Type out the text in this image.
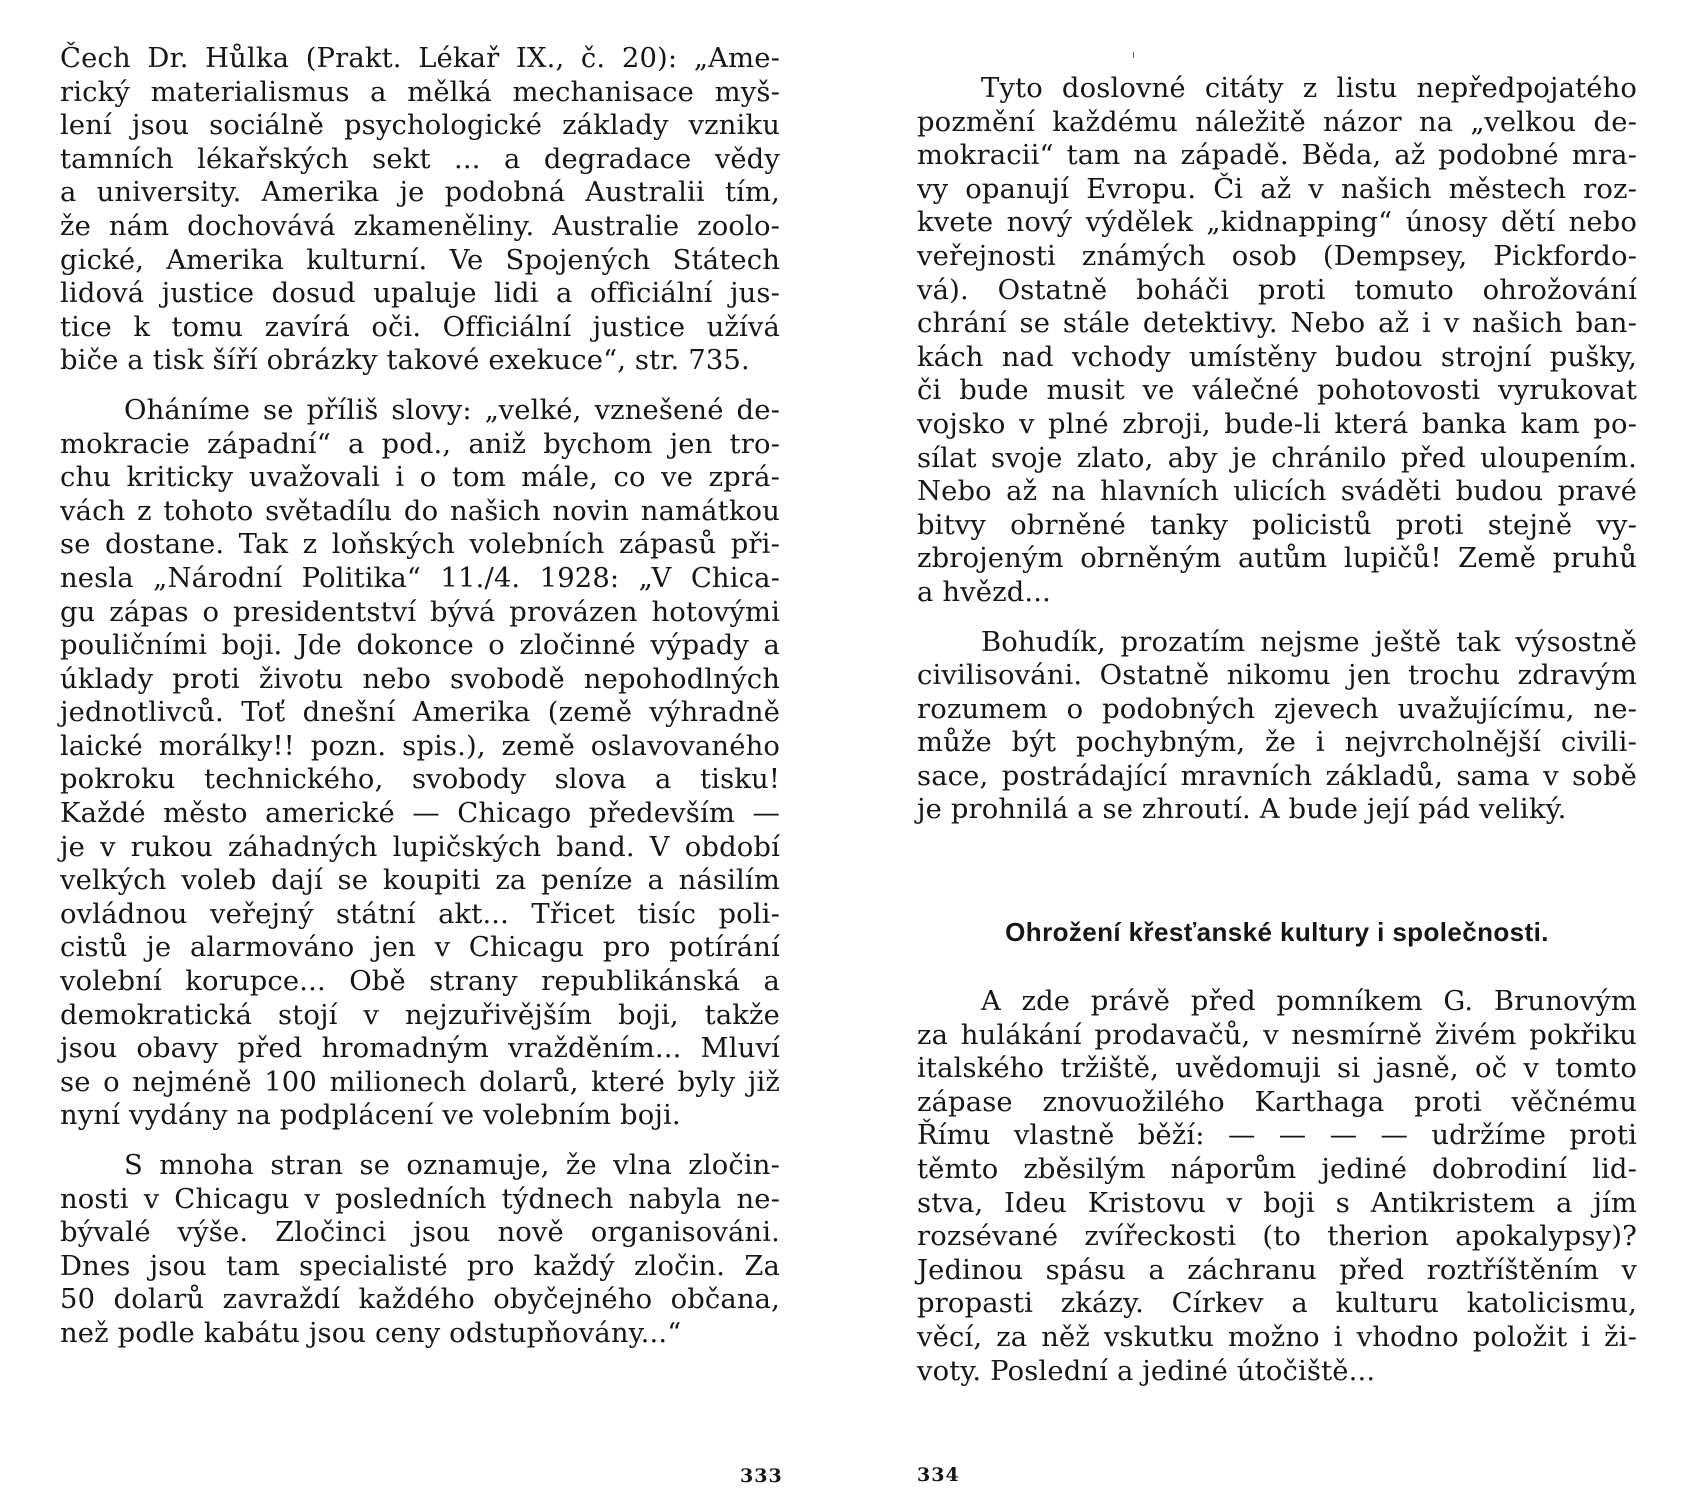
Čech Dr. Hůlka (Prakt. Lékař IX., č. 20): „Ame-
rický materialismus a mělká mechanisace myš-
lení jsou sociálně psychologické základy vzniku
tamních lékařských sekt ... a degradace vědy
a university. Amerika je podobná Australii tím,
že nám dochovává zkameněliny. Australie zoolo-
gické, Amerika kulturní. Ve Spojených Státech
lidová justice dosud upaluje lidi a officiální jus-
tice k tomu zavírá oči. Officiální justice užívá
biče a tisk šíří obrázky takové exekuce“, str. 735.
Oháníme se příliš slovy: „velké, vznešené de-
mokracie západní“ a pod., aniž bychom jen tro-
chu kriticky uvažovali i o tom mále, co ve zprá-
vách z tohoto světadílu do našich novin namátkou
se dostane. Tak z loňských volebních zápasů při-
nesla „Národní Politika“ 11./4. 1928: „V Chica-
gu zápas o presidentství bývá provázen hotovými
pouličními boji. Jde dokonce o zločinné výpady a
úklady proti životu nebo svobodě nepohodlných
jednotlivců. Toť dnešní Amerika (země výhradně
laické morálky!! pozn. spis.), země oslavovaného
pokroku technického, svobody slova a tisku!
Každé město americké — Chicago především —
je v rukou záhadných lupičských band. V období
velkých voleb dají se koupiti za peníze a násilím
ovládnou veřejný státní akt... Třicet tisíc poli-
cistů je alarmováno jen v Chicagu pro potírání
volební korupce... Obě strany republikánská a
demokratická stojí v nejzuřivějším boji, takže
jsou obavy před hromadným vražděním... Mluví
se o nejméně 100 milionech dolarů, které byly již
nyní vydány na podplácení ve volebním boji.
S mnoha stran se oznamuje, že vlna zločin-
nosti v Chicagu v posledních týdnech nabyla ne-
bývalé výše. Zločinci jsou nově organisováni.
Dnes jsou tam specialisté pro každý zločin. Za
50 dolarů zavraždí každého obyčejného občana,
než podle kabátu jsou ceny odstupňovány...“
333
Tyto doslovné citáty z listu nepředpojatého
pozmění každému náležitě názor na „velkou de-
mokracii“ tam na západě. Běda, až podobné mra-
vy opanují Evropu. Či až v našich městech roz-
kvete nový výdělek „kidnapping“ únosy dětí nebo
veřejnosti známých osob (Dempsey, Pickfordo-
vá). Ostatně boháči proti tomuto ohrožování
chrání se stále detektivy. Nebo až i v našich ban-
kách nad vchody umístěny budou strojní pušky,
či bude musit ve válečné pohotovosti vyrukovat
vojsko v plné zbroji, bude-li která banka kam po-
sílat svoje zlato, aby je chránilo před uloupením.
Nebo až na hlavních ulicích sváděti budou pravé
bitvy obrněné tanky policistů proti stejně vy-
zbrojeným obrněným autům lupičů! Země pruhů
a hvězd...
Bohudík, prozatím nejsme ještě tak výsostně
civilisováni. Ostatně nikomu jen trochu zdravým
rozumem o podobných zjevech uvažujícímu, ne-
může být pochybným, že i nejvrcholnější civili-
sace, postrádající mravních základů, sama v sobě
je prohnilá a se zhroutí. A bude její pád veliký.
Ohrožení křesťanské kultury i společnosti.
A zde právě před pomníkem G. Brunovým
za hulákání prodavačů, v nesmírně živém pokřiku
italského tržiště, uvědomuji si jasně, oč v tomto
zápase znovuožilého Karthaga proti věčnému
Římu vlastně běží: — — — — udržíme proti
těmto zběsilým náporům jediné dobrodiní lid-
stva, Ideu Kristovu v boji s Antikristem a jím
rozsévané zvířeckosti (to therion apokalypsy)?
Jedinou spásu a záchranu před roztříštěním v
propasti zkázy. Církev a kulturu katolicismu,
věcí, za něž vskutku možno i vhodno položit i ži-
voty. Poslední a jediné útočiště...
334
